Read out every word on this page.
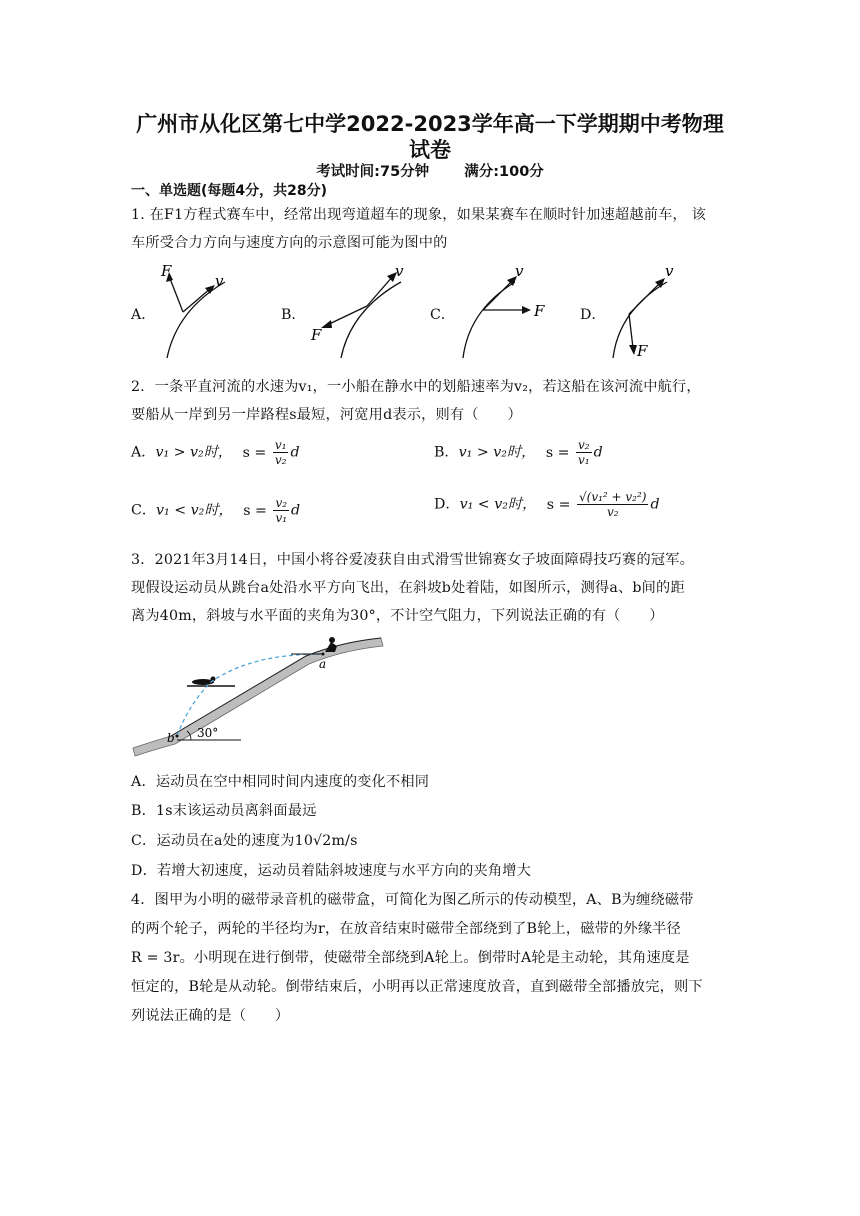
广州市从化区第七中学2022-2023学年高一下学期期中考物理
试卷
考试时间:75分钟 满分:100分
一、单选题(每题4分，共28分)
1. 在F1方程式赛车中，经常出现弯道超车的现象，如果某赛车在顺时针加速超越前车， 该
车所受合力方向与速度方向的示意图可能为图中的
A．
F
v
B．
F
v
C．	F
v
D．
F
v
2．一条平直河流的水速为v₁，一小船在静水中的划船速率为v₂，若这船在该河流中航行，
要船从一岸到另一岸路程s最短，河宽用d表示，则有（　　）
A．v₁ > v₂时， $s = \frac{\text{v₁}}{\text{v₂}}$ d	B．v₁ > v₂时， $s = \frac{\text{v₂}}{\text{v₁}}$ d
C．v₁ < v₂时， $s = \frac{\text{v₂}}{\text{v₁}}$ d	D．v₁ < v₂时， $s = \frac{\text{√(v₁² + v₂²)}}{\text{v₂}}$ d
3．2021年3月14日，中国小将谷爱凌获自由式滑雪世锦赛女子坡面障碍技巧赛的冠军。
现假设运动员从跳台a处沿水平方向飞出，在斜坡b处着陆，如图所示，测得a、b间的距
离为40m，斜坡与水平面的夹角为30°，不计空气阻力，下列说法正确的有（　　）
a
b 30°
A．运动员在空中相同时间内速度的变化不相同
B．1s末该运动员离斜面最远
C．运动员在a处的速度为10√2m/s
D．若增大初速度，运动员着陆斜坡速度与水平方向的夹角增大
4．图甲为小明的磁带录音机的磁带盒，可简化为图乙所示的传动模型，A、B为缠绕磁带
的两个轮子，两轮的半径均为r，在放音结束时磁带全部绕到了B轮上，磁带的外缘半径
R = 3r。小明现在进行倒带，使磁带全部绕到A轮上。倒带时A轮是主动轮，其角速度是
恒定的，B轮是从动轮。倒带结束后，小明再以正常速度放音，直到磁带全部播放完，则下
列说法正确的是（　　）
